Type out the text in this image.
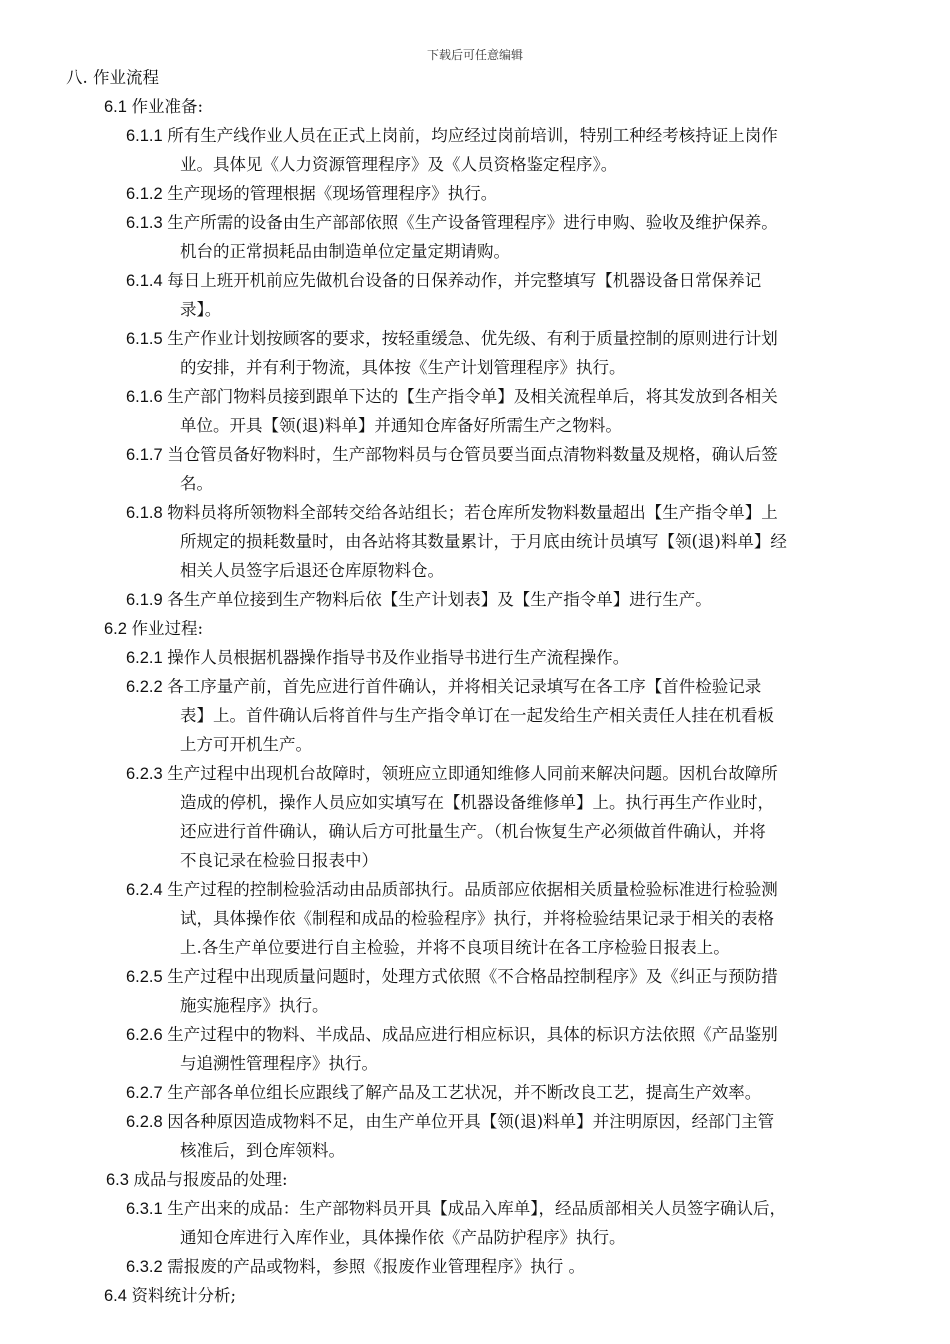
下载后可任意编辑
八. 作业流程
6.1 作业准备:
6.1.1 所有生产线作业人员在正式上岗前，均应经过岗前培训，特别工种经考核持证上岗作
业。具体见《人力资源管理程序》及《人员资格鉴定程序》。
6.1.2 生产现场的管理根据《现场管理程序》执行。
6.1.3 生产所需的设备由生产部部依照《生产设备管理程序》进行申购、验收及维护保养。
机台的正常损耗品由制造单位定量定期请购。
6.1.4 每日上班开机前应先做机台设备的日保养动作，并完整填写【机器设备日常保养记
录】。
6.1.5 生产作业计划按顾客的要求，按轻重缓急、优先级、有利于质量控制的原则进行计划
的安排，并有利于物流，具体按《生产计划管理程序》执行。
6.1.6 生产部门物料员接到跟单下达的【生产指令单】及相关流程单后，将其发放到各相关
单位。开具【领(退)料单】并通知仓库备好所需生产之物料。
6.1.7 当仓管员备好物料时，生产部物料员与仓管员要当面点清物料数量及规格，确认后签
名。
6.1.8 物料员将所领物料全部转交给各站组长；若仓库所发物料数量超出【生产指令单】上
所规定的损耗数量时，由各站将其数量累计，于月底由统计员填写【领(退)料单】经
相关人员签字后退还仓库原物料仓。
6.1.9 各生产单位接到生产物料后依【生产计划表】及【生产指令单】进行生产。
6.2 作业过程:
6.2.1 操作人员根据机器操作指导书及作业指导书进行生产流程操作。
6.2.2 各工序量产前，首先应进行首件确认，并将相关记录填写在各工序【首件检验记录
表】上。首件确认后将首件与生产指令单订在一起发给生产相关责任人挂在机看板
上方可开机生产。
6.2.3 生产过程中出现机台故障时，领班应立即通知维修人同前来解决问题。因机台故障所
造成的停机，操作人员应如实填写在【机器设备维修单】上。执行再生产作业时，
还应进行首件确认，确认后方可批量生产。（机台恢复生产必须做首件确认，并将
不良记录在检验日报表中）
6.2.4 生产过程的控制检验活动由品质部执行。品质部应依据相关质量检验标准进行检验测
试，具体操作依《制程和成品的检验程序》执行，并将检验结果记录于相关的表格
上.各生产单位要进行自主检验，并将不良项目统计在各工序检验日报表上。
6.2.5 生产过程中出现质量问题时，处理方式依照《不合格品控制程序》及《纠正与预防措
施实施程序》执行。
6.2.6 生产过程中的物料、半成品、成品应进行相应标识，具体的标识方法依照《产品鉴别
与追溯性管理程序》执行。
6.2.7 生产部各单位组长应跟线了解产品及工艺状况，并不断改良工艺，提高生产效率。
6.2.8 因各种原因造成物料不足，由生产单位开具【领(退)料单】并注明原因，经部门主管
核准后，到仓库领料。
6.3 成品与报废品的处理:
6.3.1 生产出来的成品：生产部物料员开具【成品入库单】，经品质部相关人员签字确认后，
通知仓库进行入库作业，具体操作依《产品防护程序》执行。
6.3.2 需报废的产品或物料，参照《报废作业管理程序》执行 。
6.4 资料统计分析;
